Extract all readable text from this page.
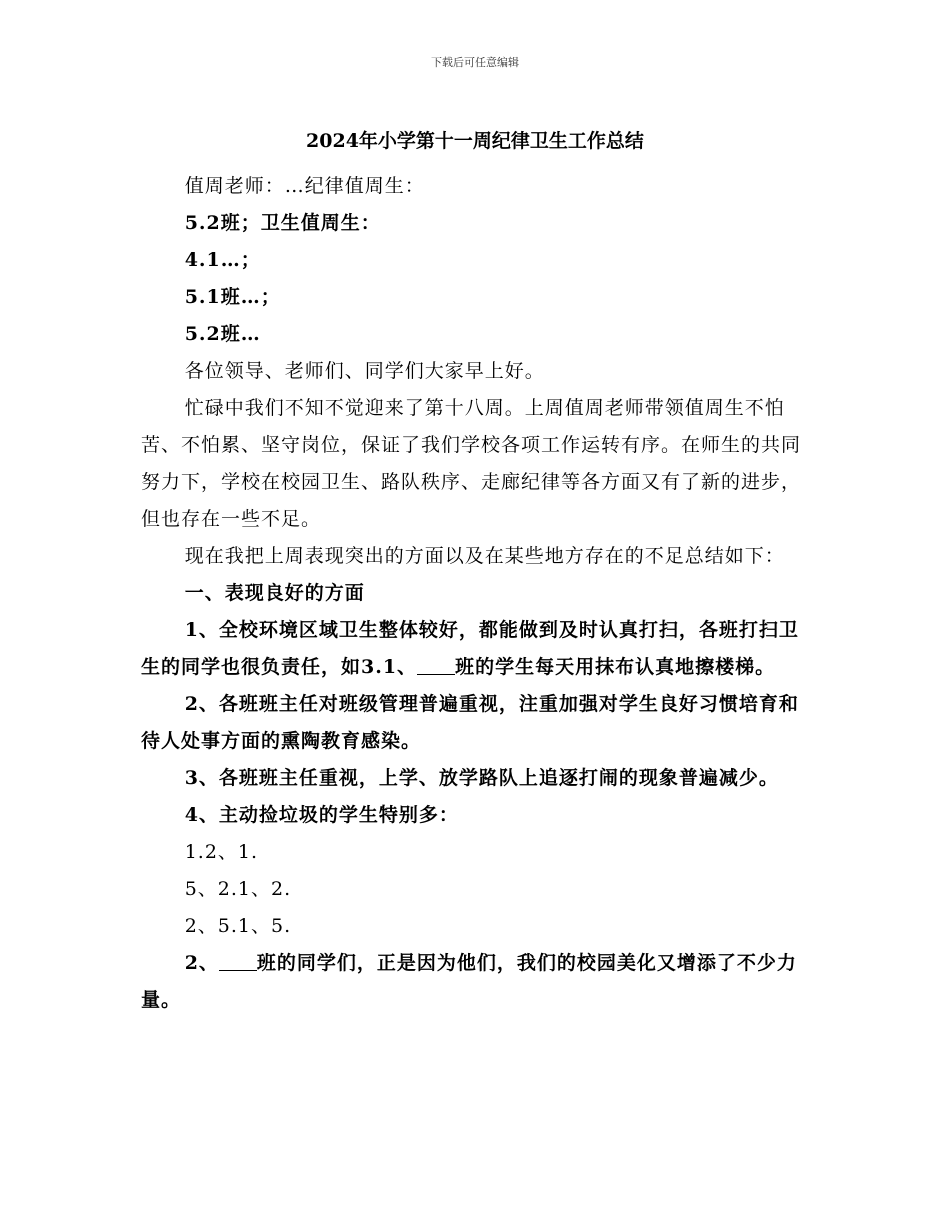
下载后可任意编辑
2024年小学第十一周纪律卫生工作总结

值周老师：…纪律值周生：

5.2班；卫生值周生：

4.1…；

5.1班…；

5.2班…

各位领导、老师们、同学们大家早上好。

忙碌中我们不知不觉迎来了第十八周。上周值周老师带领值周生不怕苦、不怕累、坚守岗位，保证了我们学校各项工作运转有序。在师生的共同努力下，学校在校园卫生、路队秩序、走廊纪律等各方面又有了新的进步，但也存在一些不足。

现在我把上周表现突出的方面以及在某些地方存在的不足总结如下：

一、表现良好的方面

1、全校环境区域卫生整体较好，都能做到及时认真打扫，各班打扫卫生的同学也很负责任，如3.1、 班的学生每天用抹布认真地擦楼梯。

2、各班班主任对班级管理普遍重视，注重加强对学生良好习惯培育和待人处事方面的熏陶教育感染。

3、各班班主任重视，上学、放学路队上追逐打闹的现象普遍减少。

4、主动捡垃圾的学生特别多：

1.2、1.

5、2.1、2.

2、5.1、5.

2、 班的同学们，正是因为他们，我们的校园美化又增添了不少力量。
